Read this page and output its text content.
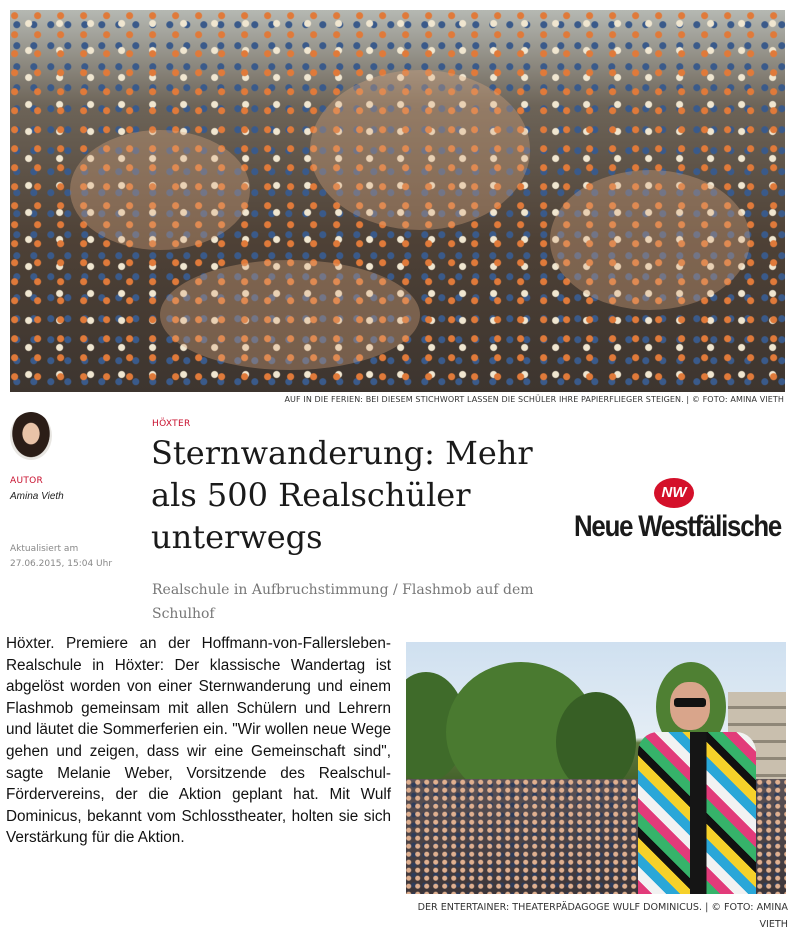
AUF IN DIE FERIEN: BEI DIESEM STICHWORT LASSEN DIE SCHÜLER IHRE PAPIERFLIEGER STEIGEN. | © FOTO: AMINA VIETH
AUTOR
Amina Vieth
Aktualisiert am
27.06.2015, 15:04 Uhr
HÖXTER
Sternwanderung: Mehr als 500 Realschüler unterwegs
Realschule in Aufbruchstimmung / Flashmob auf dem Schulhof
NW
Neue Westfälische
Höxter. Premiere an der Hoffmann-von-Fallersleben-Realschule in Höxter: Der klassische Wandertag ist abgelöst worden von einer Sternwanderung und einem Flashmob gemeinsam mit allen Schülern und Lehrern und läutet die Sommerferien ein. "Wir wollen neue Wege gehen und zeigen, dass wir eine Gemeinschaft sind", sagte Melanie Weber, Vorsitzende des Realschul-Fördervereins, der die Aktion geplant hat. Mit Wulf Dominicus, bekannt vom Schlosstheater, holten sie sich Verstärkung für die Aktion.
DER ENTERTAINER: THEATERPÄDAGOGE WULF DOMINICUS. | © FOTO: AMINA VIETH
